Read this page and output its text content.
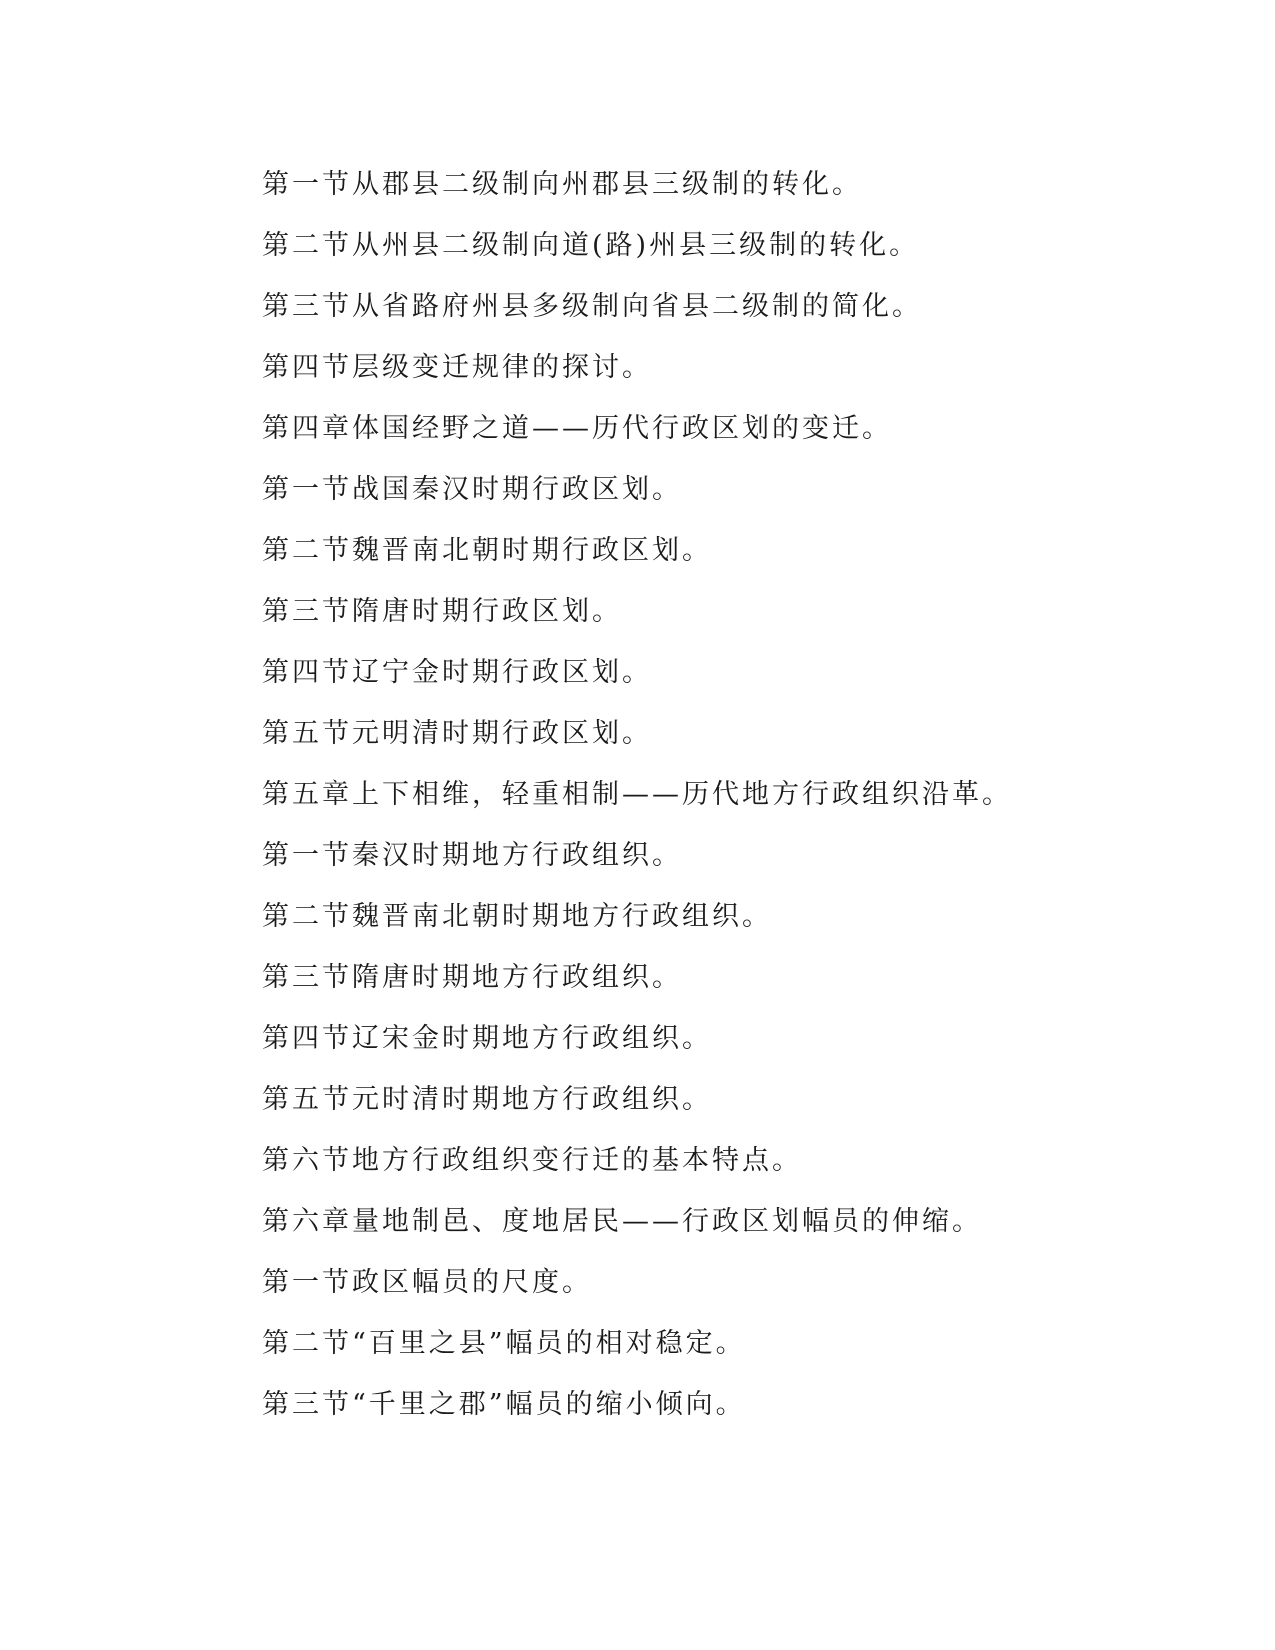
第一节从郡县二级制向州郡县三级制的转化。
第二节从州县二级制向道(路)州县三级制的转化。
第三节从省路府州县多级制向省县二级制的简化。
第四节层级变迁规律的探讨。
第四章体国经野之道——历代行政区划的变迁。
第一节战国秦汉时期行政区划。
第二节魏晋南北朝时期行政区划。
第三节隋唐时期行政区划。
第四节辽宁金时期行政区划。
第五节元明清时期行政区划。
第五章上下相维，轻重相制——历代地方行政组织沿革。
第一节秦汉时期地方行政组织。
第二节魏晋南北朝时期地方行政组织。
第三节隋唐时期地方行政组织。
第四节辽宋金时期地方行政组织。
第五节元时清时期地方行政组织。
第六节地方行政组织变行迁的基本特点。
第六章量地制邑、度地居民——行政区划幅员的伸缩。
第一节政区幅员的尺度。
第二节“百里之县”幅员的相对稳定。
第三节“千里之郡”幅员的缩小倾向。
